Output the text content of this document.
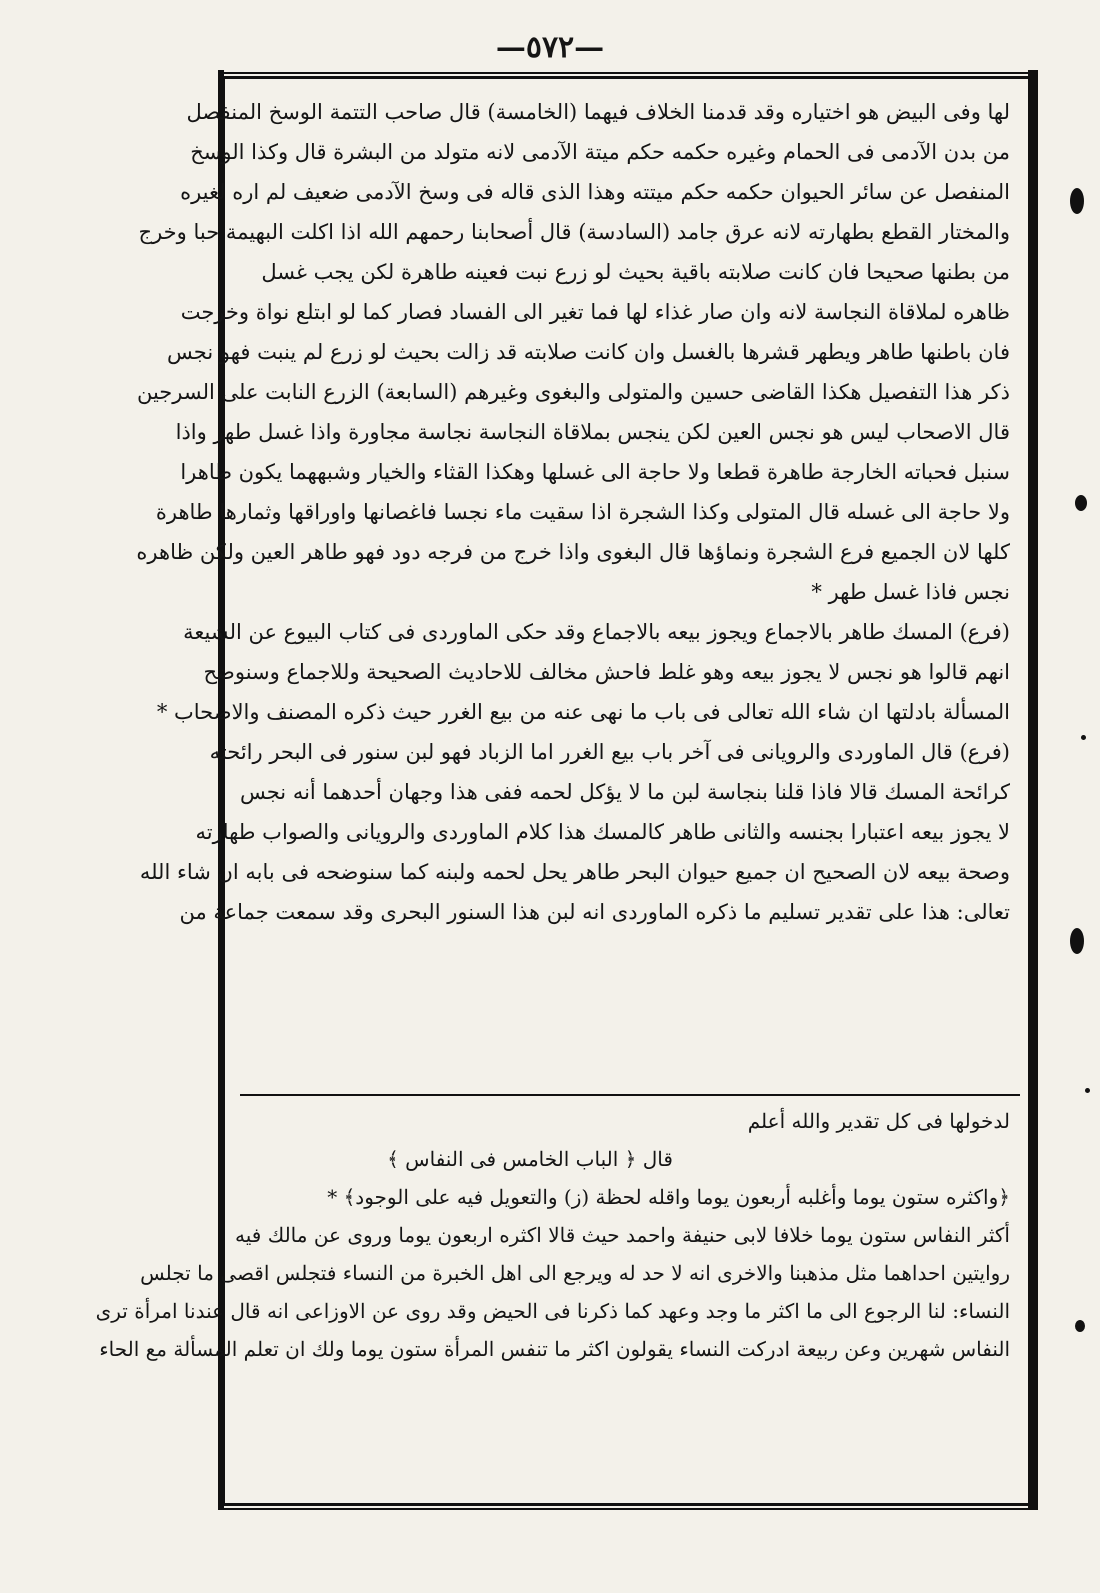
—٥٧٢—

لها وفى البيض هو اختياره وقد قدمنا الخلاف فيهما (الخامسة) قال صاحب التتمة الوسخ المنفصل

من بدن الآدمى فى الحمام وغيره حكمه حكم ميتة الآدمى لانه متولد من البشرة قال وكذا الوسخ

المنفصل عن سائر الحيوان حكمه حكم ميتته وهذا الذى قاله فى وسخ الآدمى ضعيف لم اره لغيره

والمختار القطع بطهارته لانه عرق جامد (السادسة) قال أصحابنا رحمهم الله اذا اكلت البهيمة حبا وخرج

من بطنها صحيحا فان كانت صلابته باقية بحيث لو زرع نبت فعينه طاهرة لكن يجب غسل

ظاهره لملاقاة النجاسة لانه وان صار غذاء لها فما تغير الى الفساد فصار كما لو ابتلع نواة وخرجت

فان باطنها طاهر ويطهر قشرها بالغسل وان كانت صلابته قد زالت بحيث لو زرع لم ينبت فهو نجس

ذكر هذا التفصيل هكذا القاضى حسين والمتولى والبغوى وغيرهم (السابعة) الزرع النابت على السرجين

قال الاصحاب ليس هو نجس العين لكن ينجس بملاقاة النجاسة نجاسة مجاورة واذا غسل طهر واذا

سنبل فحباته الخارجة طاهرة قطعا ولا حاجة الى غسلها وهكذا القثاء والخيار وشبههما يكون طاهرا

ولا حاجة الى غسله قال المتولى وكذا الشجرة اذا سقيت ماء نجسا فاغصانها واوراقها وثمارها طاهرة

كلها لان الجميع فرع الشجرة ونماؤها قال البغوى واذا خرج من فرجه دود فهو طاهر العين ولكن ظاهره

نجس فاذا غسل طهر *

(فرع) المسك طاهر بالاجماع ويجوز بيعه بالاجماع وقد حكى الماوردى فى كتاب البيوع عن الشيعة

انهم قالوا هو نجس لا يجوز بيعه وهو غلط فاحش مخالف للاحاديث الصحيحة وللاجماع وسنوضح

المسألة بادلتها ان شاء الله تعالى فى باب ما نهى عنه من بيع الغرر حيث ذكره المصنف والاصحاب *

(فرع) قال الماوردى والرويانى فى آخر باب بيع الغرر اما الزباد فهو لبن سنور فى البحر رائحته

كرائحة المسك قالا فاذا قلنا بنجاسة لبن ما لا يؤكل لحمه ففى هذا وجهان أحدهما أنه نجس

لا يجوز بيعه اعتبارا بجنسه والثانى طاهر كالمسك هذا كلام الماوردى والرويانى والصواب طهارته

وصحة بيعه لان الصحيح ان جميع حيوان البحر طاهر يحل لحمه ولبنه كما سنوضحه فى بابه ان شاء الله

تعالى: هذا على تقدير تسليم ما ذكره الماوردى انه لبن هذا السنور البحرى وقد سمعت جماعة من

لدخولها فى كل تقدير والله أعلم

قال ﴿ الباب الخامس فى النفاس ﴾

﴿واكثره ستون يوما وأغلبه أربعون يوما واقله لحظة (ز) والتعويل فيه على الوجود﴾ *

أكثر النفاس ستون يوما خلافا لابى حنيفة واحمد حيث قالا اكثره اربعون يوما وروى عن مالك فيه

روايتين احداهما مثل مذهبنا والاخرى انه لا حد له ويرجع الى اهل الخبرة من النساء فتجلس اقصى ما تجلس

النساء: لنا الرجوع الى ما اكثر ما وجد وعهد كما ذكرنا فى الحيض وقد روى عن الاوزاعى انه قال عندنا امرأة ترى

النفاس شهرين وعن ربيعة ادركت النساء يقولون اكثر ما تنفس المرأة ستون يوما ولك ان تعلم المسألة مع الحاء
